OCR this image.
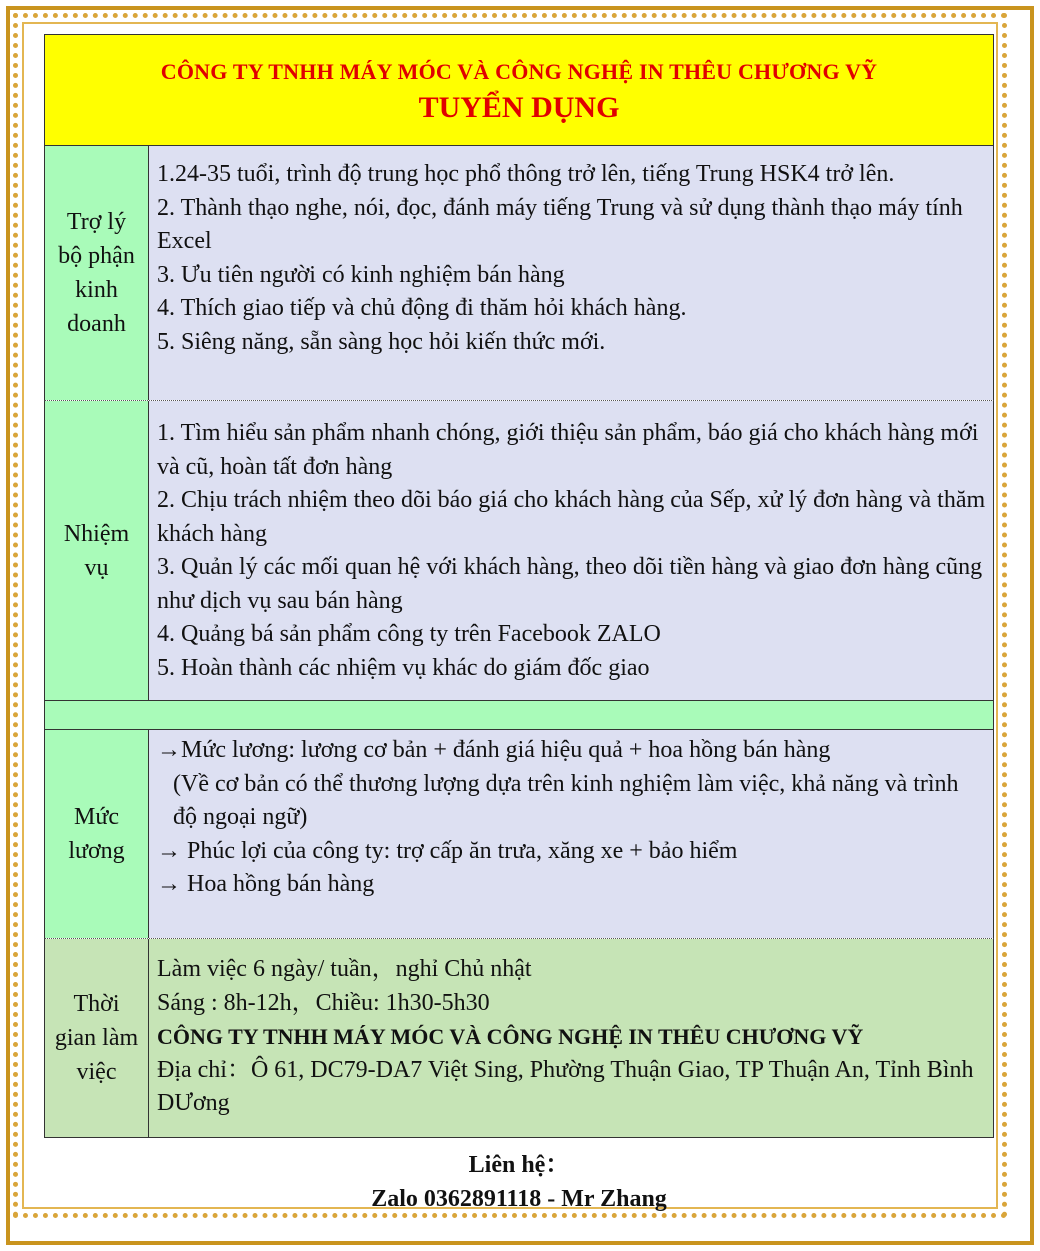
CÔNG TY TNHH MÁY MÓC VÀ CÔNG NGHỆ IN THÊU CHƯƠNG VỸ
TUYỂN DỤNG
Trợ lý
bộ phận
kinh
doanh
1.24-35 tuổi, trình độ trung học phổ thông trở lên, tiếng Trung HSK4 trở lên.
2. Thành thạo nghe, nói, đọc, đánh máy tiếng Trung và sử dụng thành thạo máy tính Excel
3. Ưu tiên người có kinh nghiệm bán hàng
4. Thích giao tiếp và chủ động đi thăm hỏi khách hàng.
5. Siêng năng, sẵn sàng học hỏi kiến thức mới.
Nhiệm
vụ
1. Tìm hiểu sản phẩm nhanh chóng, giới thiệu sản phẩm, báo giá cho khách hàng mới và cũ, hoàn tất đơn hàng
2. Chịu trách nhiệm theo dõi báo giá cho khách hàng của Sếp, xử lý đơn hàng và thăm khách hàng
3. Quản lý các mối quan hệ với khách hàng, theo dõi tiền hàng và giao đơn hàng cũng như dịch vụ sau bán hàng
4. Quảng bá sản phẩm công ty trên Facebook ZALO
5. Hoàn thành các nhiệm vụ khác do giám đốc giao
Mức
lương
→Mức lương: lương cơ bản + đánh giá hiệu quả + hoa hồng bán hàng
(Về cơ bản có thể thương lượng dựa trên kinh nghiệm làm việc, khả năng và trình độ ngoại ngữ)
→ Phúc lợi của công ty: trợ cấp ăn trưa, xăng xe + bảo hiểm
→ Hoa hồng bán hàng
Thời
gian làm
việc
Làm việc 6 ngày/ tuần，nghỉ Chủ nhật
Sáng : 8h-12h，Chiều: 1h30-5h30
CÔNG TY TNHH MÁY MÓC VÀ CÔNG NGHỆ IN THÊU CHƯƠNG VỸ
Địa chỉ：Ô 61, DC79-DA7 Việt Sing, Phường Thuận Giao, TP Thuận An, Tỉnh Bình DƯơng
Liên hệ：
Zalo 0362891118 - Mr Zhang
